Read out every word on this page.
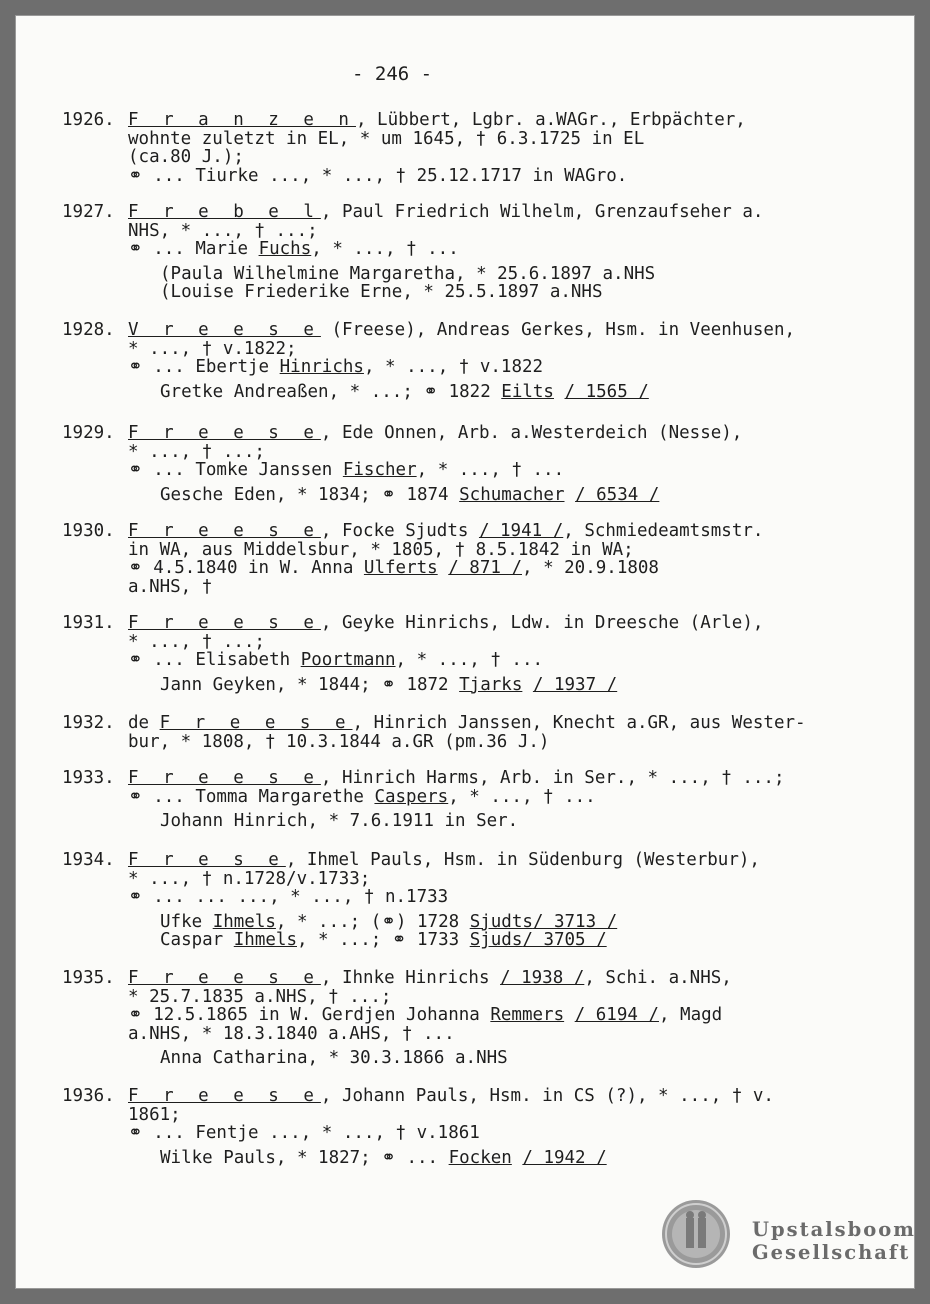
- 246 -
1926. F r a n z e n, Lübbert, Lgbr. a.WAGr., Erbpächter,
wohnte zuletzt in EL, * um 1645, † 6.3.1725 in EL
(ca.80 J.);
⚭ ... Tiurke ..., * ..., † 25.12.1717 in WAGro.
1927. F r e b e l, Paul Friedrich Wilhelm, Grenzaufseher a.
NHS, * ..., † ...;
⚭ ... Marie Fuchs, * ..., † ...
(Paula Wilhelmine Margaretha, * 25.6.1897 a.NHS
(Louise Friederike Erne, * 25.5.1897 a.NHS
1928. V r e e s e (Freese), Andreas Gerkes, Hsm. in Veenhusen,
* ..., † v.1822;
⚭ ... Ebertje Hinrichs, * ..., † v.1822
Gretke Andreaßen, * ...; ⚭ 1822 Eilts / 1565 /
1929. F r e e s e, Ede Onnen, Arb. a.Westerdeich (Nesse),
* ..., † ...;
⚭ ... Tomke Janssen Fischer, * ..., † ...
Gesche Eden, * 1834; ⚭ 1874 Schumacher / 6534 /
1930. F r e e s e, Focke Sjudts / 1941 /, Schmiedeamtsmstr.
in WA, aus Middelsbur, * 1805, † 8.5.1842 in WA;
⚭ 4.5.1840 in W. Anna Ulferts / 871 /, * 20.9.1808
a.NHS, †
1931. F r e e s e, Geyke Hinrichs, Ldw. in Dreesche (Arle),
* ..., † ...;
⚭ ... Elisabeth Poortmann, * ..., † ...
Jann Geyken, * 1844; ⚭ 1872 Tjarks / 1937 /
1932. de F r e e s e, Hinrich Janssen, Knecht a.GR, aus Wester-
bur, * 1808, † 10.3.1844 a.GR (pm.36 J.)
1933. F r e e s e, Hinrich Harms, Arb. in Ser., * ..., † ...;
⚭ ... Tomma Margarethe Caspers, * ..., † ...
Johann Hinrich, * 7.6.1911 in Ser.
1934. F r e s e, Ihmel Pauls, Hsm. in Südenburg (Westerbur),
* ..., † n.1728/v.1733;
⚭ ... ... ..., * ..., † n.1733
Ufke Ihmels, * ...; (⚭) 1728 Sjudts/ 3713 /
Caspar Ihmels, * ...; ⚭ 1733 Sjuds/ 3705 /
1935. F r e e s e, Ihnke Hinrichs / 1938 /, Schi. a.NHS,
* 25.7.1835 a.NHS, † ...;
⚭ 12.5.1865 in W. Gerdjen Johanna Remmers / 6194 /, Magd
a.NHS, * 18.3.1840 a.AHS, † ...
Anna Catharina, * 30.3.1866 a.NHS
1936. F r e e s e, Johann Pauls, Hsm. in CS (?), * ..., † v.
1861;
⚭ ... Fentje ..., * ..., † v.1861
Wilke Pauls, * 1827; ⚭ ... Focken / 1942 /
Upstalsboom
Gesellschaft
